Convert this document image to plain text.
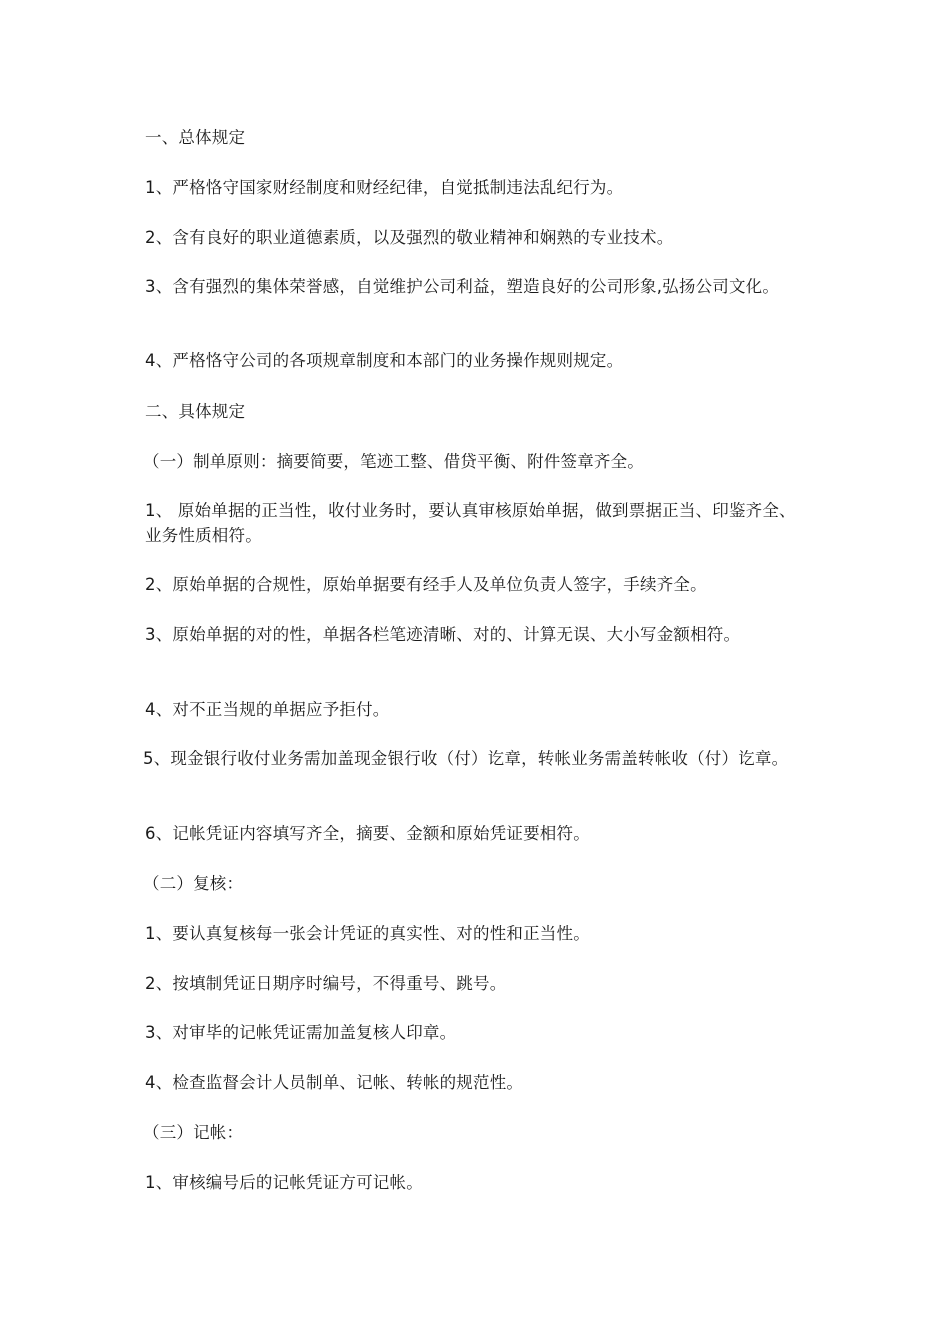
一、总体规定
1、严格恪守国家财经制度和财经纪律，自觉抵制违法乱纪行为。
2、含有良好的职业道德素质，以及强烈的敬业精神和娴熟的专业技术。
3、含有强烈的集体荣誉感，自觉维护公司利益，塑造良好的公司形象,弘扬公司文化。
4、严格恪守公司的各项规章制度和本部门的业务操作规则规定。
二、具体规定
（一）制单原则：摘要简要，笔迹工整、借贷平衡、附件签章齐全。
1、 原始单据的正当性，收付业务时，要认真审核原始单据，做到票据正当、印鉴齐全、业务性质相符。
2、原始单据的合规性，原始单据要有经手人及单位负责人签字，手续齐全。
3、原始单据的对的性，单据各栏笔迹清晰、对的、计算无误、大小写金额相符。
4、对不正当规的单据应予拒付。
5、现金银行收付业务需加盖现金银行收（付）讫章，转帐业务需盖转帐收（付）讫章。
6、记帐凭证内容填写齐全，摘要、金额和原始凭证要相符。
（二）复核：
1、要认真复核每一张会计凭证的真实性、对的性和正当性。
2、按填制凭证日期序时编号，不得重号、跳号。
3、对审毕的记帐凭证需加盖复核人印章。
4、检查监督会计人员制单、记帐、转帐的规范性。
（三）记帐：
1、审核编号后的记帐凭证方可记帐。
